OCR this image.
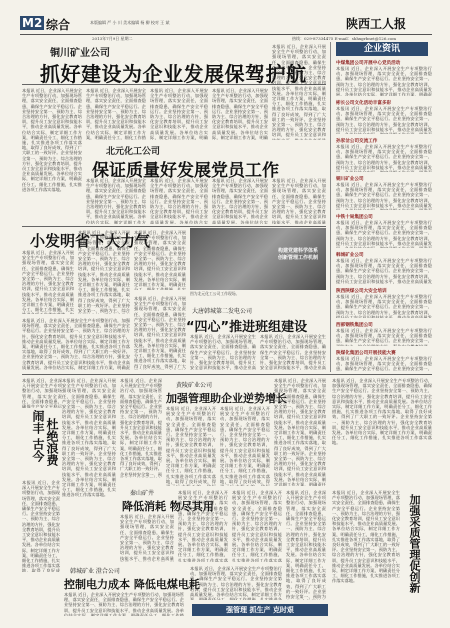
M2 综合	本版编辑 严 小 川 美术编辑 杨 柳 校对 王 斌	陕西工人报
2013年7月9日 星期二	热线：029-87334475 E-mail：shhxgrbnet@126.com
铜川矿业公司
抓好建设为企业发展保驾护航
本报讯 近日，企业深入开展安全生产专项整治行动，加强现场管理，落实安全责任，全面排查隐患，确保生产安全平稳运行。企业坚持安全第一、预防为主、综合治理的方针，强化安全教育培训，提升员工安全意识和技能水平，推动企业高质量发展。各单位结合实际，制定详细工作方案，明确责任分工，细化工作措施，扎实推进各项工作落实落地，取得了良好成效，得到了广大职工的一致好评。企业坚持安全第一、预防为主、综合治理的方针，强化安全教育培训，提升员工安全意识和技能水平，推动企业高质量发展。各单位结合实际，制定详细工作方案，明确责任分工，细化工作措施，扎实推进各项工作落实落地。
本报讯 近日，企业深入开展安全生产专项整治行动，加强现场管理，落实安全责任，全面排查隐患，确保生产安全平稳运行。企业坚持安全第一、预防为主、综合治理的方针，强化安全教育培训，提升员工安全意识和技能水平，推动企业高质量发展。各单位结合实际，制定详细工作方案，明确责任分工，细化工作措施，扎实推进各项工作落实落地，取得了良好成效，得到了广大职工的一致好评。企业坚持安全第一、预防为主、综合治理的方针，强化安全教育培训，提升员工安全意识和技能水平，推动企业高质量发展。各单位结合实际，制定详细工作方案，明确责任分工，细化工作措施，扎实推进各项工作落实落地。
本报讯 近日，企业深入开展安全生产专项整治行动，加强现场管理，落实安全责任，全面排查隐患，确保生产安全平稳运行。企业坚持安全第一、预防为主、综合治理的方针，强化安全教育培训，提升员工安全意识和技能水平，推动企业高质量发展。各单位结合实际，制定详细工作方案，明确责任分工，细化工作措施，扎实推进各项工作落实落地，取得了良好成效，得到了广大职工的一致好评。企业坚持安全第一、预防为主、综合治理的方针，强化安全教育培训，提升员工安全意识和技能水平，推动企业高质量发展。各单位结合实际，制定详细工作方案，明确责任分工，细化工作措施，扎实推进各项工作落实落地。
本报讯 近日，企业深入开展安全生产专项整治行动，加强现场管理，落实安全责任，全面排查隐患，确保生产安全平稳运行。企业坚持安全第一、预防为主、综合治理的方针，强化安全教育培训，提升员工安全意识和技能水平，推动企业高质量发展。各单位结合实际，制定详细工作方案，明确责任分工，细化工作措施，扎实推进各项工作落实落地，取得了良好成效，得到了广大职工的一致好评。企业坚持安全第一、预防为主、综合治理的方针，强化安全教育培训，提升员工安全意识和技能水平，推动企业高质量发展。各单位结合实际，制定详细工作方案，明确责任分工，细化工作措施，扎实推进各项工作落实落地。
本报讯 近日，企业深入开展安全生产专项整治行动，加强现场管理，落实安全责任，全面排查隐患，确保生产安全平稳运行。企业坚持安全第一、预防为主、综合治理的方针，强化安全教育培训，提升员工安全意识和技能水平，推动企业高质量发展。各单位结合实际，制定详细工作方案，明确责任分工，细化工作措施，扎实推进各项工作落实落地，取得了良好成效，得到了广大职工的一致好评。企业坚持安全第一、预防为主、综合治理的方针，强化安全教育培训，提升员工安全意识和技能水平，推动企业高质量发展。各单位结合实际，制定详细工作方案，明确责任分工，细化工作措施，扎实推进各项工作落实落地。
北元化工公司
保证质量好发展党员工作
本报讯 近日，企业深入开展安全生产专项整治行动，加强现场管理，落实安全责任，全面排查隐患，确保生产安全平稳运行。企业坚持安全第一、预防为主、综合治理的方针，强化安全教育培训，提升员工安全意识和技能水平，推动企业高质量发展。各单位结合实际，制定详细工作方案，明确责任分工，细化工作措施，扎实推进各项工作落实落地，取得了良好成效，得到了广大职工的一致好评。企业坚持安全第一、预防为主、综合治理的方针，强化安全教育培训，提升员工安全意识和技能水平，推动企业高质量发展。各单位结合实际，制定详细工作方案，明确责任分工，细化工作措施，扎实推进各项工作落实落地。
本报讯 近日，企业深入开展安全生产专项整治行动，加强现场管理，落实安全责任，全面排查隐患，确保生产安全平稳运行。企业坚持安全第一、预防为主、综合治理的方针，强化安全教育培训，提升员工安全意识和技能水平，推动企业高质量发展。各单位结合实际，制定详细工作方案，明确责任分工，细化工作措施，扎实推进各项工作落实落地，取得了良好成效，得到了广大职工的一致好评。企业坚持安全第一、预防为主、综合治理的方针，强化安全教育培训，提升员工安全意识和技能水平，推动企业高质量发展。各单位结合实际，制定详细工作方案，明确责任分工，细化工作措施，扎实推进各项工作落实落地。
本报讯 近日，企业深入开展安全生产专项整治行动，加强现场管理，落实安全责任，全面排查隐患，确保生产安全平稳运行。企业坚持安全第一、预防为主、综合治理的方针，强化安全教育培训，提升员工安全意识和技能水平，推动企业高质量发展。各单位结合实际，制定详细工作方案，明确责任分工，细化工作措施，扎实推进各项工作落实落地，取得了良好成效，得到了广大职工的一致好评。企业坚持安全第一、预防为主、综合治理的方针，强化安全教育培训，提升员工安全意识和技能水平，推动企业高质量发展。各单位结合实际，制定详细工作方案，明确责任分工，细化工作措施，扎实推进各项工作落实落地。
本报讯 近日，企业深入开展安全生产专项整治行动，加强现场管理，落实安全责任，全面排查隐患，确保生产安全平稳运行。企业坚持安全第一、预防为主、综合治理的方针，强化安全教育培训，提升员工安全意识和技能水平，推动企业高质量发展。各单位结合实际，制定详细工作方案，明确责任分工，细化工作措施，扎实推进各项工作落实落地，取得了良好成效，得到了广大职工的一致好评。企业坚持安全第一、预防为主、综合治理的方针，强化安全教育培训，提升员工安全意识和技能水平，推动企业高质量发展。各单位结合实际，制定详细工作方案，明确责任分工，细化工作措施，扎实推进各项工作落实落地。
小发明省下大力气
本报讯 近日，企业深入开展安全生产专项整治行动，加强现场管理，落实安全责任，全面排查隐患，确保生产安全平稳运行。企业坚持安全第一、预防为主、综合治理的方针，强化安全教育培训，提升员工安全意识和技能水平，推动企业高质量发展。各单位结合实际，制定详细工作方案，明确责任分工，细化工作措施，扎实推进各项工作落实落地，取得了良好成效，得到了广大职工的一致好评。企业坚持安全第一、预防为主、综合治理的方针，强化安全教育培训，提升员工安全意识和技能水平，推动企业高质量发展。各单位结合实际，制定详细工作方案，明确责任分工，细化工作措施，扎实推进各项工作落实落地。
本报讯 近日，企业深入开展安全生产专项整治行动，加强现场管理，落实安全责任，全面排查隐患，确保生产安全平稳运行。企业坚持安全第一、预防为主、综合治理的方针，强化安全教育培训，提升员工安全意识和技能水平，推动企业高质量发展。各单位结合实际，制定详细工作方案，明确责任分工，细化工作措施，扎实推进各项工作落实落地，取得了良好成效，得到了广大职工的一致好评。企业坚持安全第一、预防为主、综合治理的方针，强化安全教育培训，提升员工安全意识和技能水平，推动企业高质量发展。各单位结合实际，制定详细工作方案，明确责任分工，细化工作措施，扎实推进各项工作落实落地。
本报讯 近日，企业深入开展安全生产专项整治行动，加强现场管理，落实安全责任，全面排查隐患，确保生产安全平稳运行。企业坚持安全第一、预防为主、综合治理的方针，强化安全教育培训，提升员工安全意识和技能水平，推动企业高质量发展。各单位结合实际，制定详细工作方案，明确责任分工，细化工作措施，扎实推进各项工作落实落地，取得了良好成效，得到了广大职工的一致好评。企业坚持安全第一、预防为主、综合治理的方针，强化安全教育培训，提升员工安全意识和技能水平，推动企业高质量发展。各单位结合实际，制定详细工作方案，明确责任分工，细化工作措施，扎实推进各项工作落实落地。
构建党建科学体系
创新管理工作机制
图为北元化工公司工作现场。
大唐韩城第二发电公司
“四心”推进班组建设
本报讯 近日，企业深入开展安全生产专项整治行动，加强现场管理，落实安全责任，全面排查隐患，确保生产安全平稳运行。企业坚持安全第一、预防为主、综合治理的方针，强化安全教育培训，提升员工安全意识和技能水平，推动企业高质量发展。各单位结合实际，制定详细工作方案，明确责任分工，细化工作措施，扎实推进各项工作落实落地，取得了良好成效，得到了广大职工的一致好评。企业坚持安全第一、预防为主、综合治理的方针，强化安全教育培训，提升员工安全意识和技能水平，推动企业高质量发展。各单位结合实际，制定详细工作方案，明确责任分工，细化工作措施，扎实推进各项工作落实落地。
本报讯 近日，企业深入开展安全生产专项整治行动，加强现场管理，落实安全责任，全面排查隐患，确保生产安全平稳运行。企业坚持安全第一、预防为主、综合治理的方针，强化安全教育培训，提升员工安全意识和技能水平，推动企业高质量发展。各单位结合实际，制定详细工作方案，明确责任分工，细化工作措施，扎实推进各项工作落实落地，取得了良好成效，得到了广大职工的一致好评。企业坚持安全第一、预防为主、综合治理的方针，强化安全教育培训，提升员工安全意识和技能水平，推动企业高质量发展。各单位结合实际，制定详细工作方案，明确责任分工，细化工作措施，扎实推进各项工作落实落地。
本报讯 近日，企业深入开展安全生产专项整治行动，加强现场管理，落实安全责任，全面排查隐患，确保生产安全平稳运行。企业坚持安全第一、预防为主、综合治理的方针，强化安全教育培训，提升员工安全意识和技能水平，推动企业高质量发展。各单位结合实际，制定详细工作方案，明确责任分工，细化工作措施，扎实推进各项工作落实落地，取得了良好成效，得到了广大职工的一致好评。企业坚持安全第一、预防为主、综合治理的方针，强化安全教育培训，提升员工安全意识和技能水平，推动企业高质量发展。各单位结合实际，制定详细工作方案，明确责任分工，细化工作措施，扎实推进各项工作落实落地。
本报讯 近日，企业深入开展安全生产专项整治行动，加强现场管理，落实安全责任，全面排查隐患，确保生产安全平稳运行。企业坚持安全第一、预防为主、综合治理的方针，强化安全教育培训，提升员工安全意识和技能水平，推动企业高质量发展。各单位结合实际，制定详细工作方案，明确责任分工，细化工作措施，扎实推进各项工作落实落地，取得了良好成效，得到了广大职工的一致好评。企业坚持安全第一、预防为主、综合治理的方针，强化安全教育培训，提升员工安全意识和技能水平，推动企业高质量发展。各单位结合实际，制定详细工作方案，明确责任分工，细化工作措施，扎实推进各项工作落实落地。
闹丰 古今 杜绝浪费
本报讯 近日，企业深入开展安全生产专项整治行动，加强现场管理，落实安全责任，全面排查隐患，确保生产安全平稳运行。企业坚持安全第一、预防为主、综合治理的方针，强化安全教育培训，提升员工安全意识和技能水平，推动企业高质量发展。各单位结合实际，制定详细工作方案，明确责任分工，细化工作措施，扎实推进各项工作落实落地，取得了良好成效，得到了广大职工的一致好评。企业坚持安全第一、预防为主、综合治理的方针，强化安全教育培训，提升员工安全意识和技能水平，推动企业高质量发展。各单位结合实际，制定详细工作方案，明确责任分工，细化工作措施，扎实推进各项工作落实落地。
本报讯 近日，企业深入开展安全生产专项整治行动，加强现场管理，落实安全责任，全面排查隐患，确保生产安全平稳运行。企业坚持安全第一、预防为主、综合治理的方针，强化安全教育培训，提升员工安全意识和技能水平，推动企业高质量发展。各单位结合实际，制定详细工作方案，明确责任分工，细化工作措施，扎实推进各项工作落实落地，取得了良好成效，得到了广大职工的一致好评。企业坚持安全第一、预防为主、综合治理的方针，强化安全教育培训，提升员工安全意识和技能水平，推动企业高质量发展。各单位结合实际，制定详细工作方案，明确责任分工，细化工作措施，扎实推进各项工作落实落地。
本报讯 近日，企业深入开展安全生产专项整治行动，加强现场管理，落实安全责任，全面排查隐患，确保生产安全平稳运行。企业坚持安全第一、预防为主、综合治理的方针，强化安全教育培训，提升员工安全意识和技能水平，推动企业高质量发展。各单位结合实际，制定详细工作方案，明确责任分工，细化工作措施，扎实推进各项工作落实落地，取得了良好成效，得到了广大职工的一致好评。企业坚持安全第一、预防为主、综合治理的方针，强化安全教育培训，提升员工安全意识和技能水平，推动企业高质量发展。各单位结合实际，制定详细工作方案，明确责任分工，细化工作措施，扎实推进各项工作落实落地。
黄陵矿业公司
加强管理助企业逆势增长
本报讯 近日，企业深入开展安全生产专项整治行动，加强现场管理，落实安全责任，全面排查隐患，确保生产安全平稳运行。企业坚持安全第一、预防为主、综合治理的方针，强化安全教育培训，提升员工安全意识和技能水平，推动企业高质量发展。各单位结合实际，制定详细工作方案，明确责任分工，细化工作措施，扎实推进各项工作落实落地，取得了良好成效，得到了广大职工的一致好评。企业坚持安全第一、预防为主、综合治理的方针，强化安全教育培训，提升员工安全意识和技能水平，推动企业高质量发展。各单位结合实际，制定详细工作方案，明确责任分工，细化工作措施，扎实推进各项工作落实落地。
本报讯 近日，企业深入开展安全生产专项整治行动，加强现场管理，落实安全责任，全面排查隐患，确保生产安全平稳运行。企业坚持安全第一、预防为主、综合治理的方针，强化安全教育培训，提升员工安全意识和技能水平，推动企业高质量发展。各单位结合实际，制定详细工作方案，明确责任分工，细化工作措施，扎实推进各项工作落实落地，取得了良好成效，得到了广大职工的一致好评。企业坚持安全第一、预防为主、综合治理的方针，强化安全教育培训，提升员工安全意识和技能水平，推动企业高质量发展。各单位结合实际，制定详细工作方案，明确责任分工，细化工作措施，扎实推进各项工作落实落地。
本报讯 近日，企业深入开展安全生产专项整治行动，加强现场管理，落实安全责任，全面排查隐患，确保生产安全平稳运行。企业坚持安全第一、预防为主、综合治理的方针，强化安全教育培训，提升员工安全意识和技能水平，推动企业高质量发展。各单位结合实际，制定详细工作方案，明确责任分工，细化工作措施，扎实推进各项工作落实落地，取得了良好成效，得到了广大职工的一致好评。企业坚持安全第一、预防为主、综合治理的方针，强化安全教育培训，提升员工安全意识和技能水平，推动企业高质量发展。各单位结合实际，制定详细工作方案，明确责任分工，细化工作措施，扎实推进各项工作落实落地。
本报讯 近日，企业深入开展安全生产专项整治行动，加强现场管理，落实安全责任，全面排查隐患，确保生产安全平稳运行。企业坚持安全第一、预防为主、综合治理的方针，强化安全教育培训，提升员工安全意识和技能水平，推动企业高质量发展。各单位结合实际，制定详细工作方案，明确责任分工，细化工作措施，扎实推进各项工作落实落地，取得了良好成效，得到了广大职工的一致好评。企业坚持安全第一、预防为主、综合治理的方针，强化安全教育培训，提升员工安全意识和技能水平，推动企业高质量发展。各单位结合实际，制定详细工作方案，明确责任分工，细化工作措施，扎实推进各项工作落实落地。
秦山矿井
降低消耗 物尽其用
本报讯 近日，企业深入开展安全生产专项整治行动，加强现场管理，落实安全责任，全面排查隐患，确保生产安全平稳运行。企业坚持安全第一、预防为主、综合治理的方针，强化安全教育培训，提升员工安全意识和技能水平，推动企业高质量发展。各单位结合实际，制定详细工作方案，明确责任分工，细化工作措施，扎实推进各项工作落实落地，取得了良好成效，得到了广大职工的一致好评。企业坚持安全第一、预防为主、综合治理的方针，强化安全教育培训，提升员工安全意识和技能水平，推动企业高质量发展。各单位结合实际，制定详细工作方案，明确责任分工，细化工作措施，扎实推进各项工作落实落地。
本报讯 近日，企业深入开展安全生产专项整治行动，加强现场管理，落实安全责任，全面排查隐患，确保生产安全平稳运行。企业坚持安全第一、预防为主、综合治理的方针，强化安全教育培训，提升员工安全意识和技能水平，推动企业高质量发展。各单位结合实际，制定详细工作方案，明确责任分工，细化工作措施，扎实推进各项工作落实落地，取得了良好成效，得到了广大职工的一致好评。企业坚持安全第一、预防为主、综合治理的方针，强化安全教育培训，提升员工安全意识和技能水平，推动企业高质量发展。各单位结合实际，制定详细工作方案，明确责任分工，细化工作措施，扎实推进各项工作落实落地。
本报讯 近日，企业深入开展安全生产专项整治行动，加强现场管理，落实安全责任，全面排查隐患，确保生产安全平稳运行。企业坚持安全第一、预防为主、综合治理的方针，强化安全教育培训，提升员工安全意识和技能水平，推动企业高质量发展。各单位结合实际，制定详细工作方案，明确责任分工，细化工作措施，扎实推进各项工作落实落地，取得了良好成效，得到了广大职工的一致好评。企业坚持安全第一、预防为主、综合治理的方针，强化安全教育培训，提升员工安全意识和技能水平，推动企业高质量发展。各单位结合实际，制定详细工作方案，明确责任分工，细化工作措施，扎实推进各项工作落实落地。
韩城矿业 澄合公司
控制电力成本 降低电煤电耗
本报讯 近日，企业深入开展安全生产专项整治行动，加强现场管理，落实安全责任，全面排查隐患，确保生产安全平稳运行。企业坚持安全第一、预防为主、综合治理的方针，强化安全教育培训，提升员工安全意识和技能水平，推动企业高质量发展。各单位结合实际，制定详细工作方案，明确责任分工，细化工作措施，扎实推进各项工作落实落地，取得了良好成效，得到了广大职工的一致好评。企业坚持安全第一、预防为主、综合治理的方针，强化安全教育培训，提升员工安全意识和技能水平，推动企业高质量发展。各单位结合实际，制定详细工作方案，明确责任分工，细化工作措施，扎实推进各项工作落实落地。
本报讯 近日，企业深入开展安全生产专项整治行动，加强现场管理，落实安全责任，全面排查隐患，确保生产安全平稳运行。企业坚持安全第一、预防为主、综合治理的方针，强化安全教育培训，提升员工安全意识和技能水平，推动企业高质量发展。各单位结合实际，制定详细工作方案，明确责任分工，细化工作措施，扎实推进各项工作落实落地，取得了良好成效，得到了广大职工的一致好评。企业坚持安全第一、预防为主、综合治理的方针，强化安全教育培训，提升员工安全意识和技能水平，推动企业高质量发展。各单位结合实际，制定详细工作方案，明确责任分工，细化工作措施，扎实推进各项工作落实落地。
强管理 抓生产 克时艰
加强采质管理促创新
本报讯 近日，企业深入开展安全生产专项整治行动，加强现场管理，落实安全责任，全面排查隐患，确保生产安全平稳运行。企业坚持安全第一、预防为主、综合治理的方针，强化安全教育培训，提升员工安全意识和技能水平，推动企业高质量发展。各单位结合实际，制定详细工作方案，明确责任分工，细化工作措施，扎实推进各项工作落实落地，取得了良好成效，得到了广大职工的一致好评。企业坚持安全第一、预防为主、综合治理的方针，强化安全教育培训，提升员工安全意识和技能水平，推动企业高质量发展。各单位结合实际，制定详细工作方案，明确责任分工，细化工作措施，扎实推进各项工作落实落地。
本报讯 近日，企业深入开展安全生产专项整治行动，加强现场管理，落实安全责任，全面排查隐患，确保生产安全平稳运行。企业坚持安全第一、预防为主、综合治理的方针，强化安全教育培训，提升员工安全意识和技能水平，推动企业高质量发展。各单位结合实际，制定详细工作方案，明确责任分工，细化工作措施，扎实推进各项工作落实落地，取得了良好成效，得到了广大职工的一致好评。企业坚持安全第一、预防为主、综合治理的方针，强化安全教育培训，提升员工安全意识和技能水平，推动企业高质量发展。各单位结合实际，制定详细工作方案，明确责任分工，细化工作措施，扎实推进各项工作落实落地。
本报讯 近日，企业深入开展安全生产专项整治行动，加强现场管理，落实安全责任，全面排查隐患，确保生产安全平稳运行。企业坚持安全第一、预防为主、综合治理的方针，强化安全教育培训，提升员工安全意识和技能水平，推动企业高质量发展。各单位结合实际，制定详细工作方案，明确责任分工，细化工作措施，扎实推进各项工作落实落地，取得了良好成效，得到了广大职工的一致好评。企业坚持安全第一、预防为主、综合治理的方针，强化安全教育培训，提升员工安全意识和技能水平，推动企业高质量发展。各单位结合实际，制定详细工作方案，明确责任分工，细化工作措施，扎实推进各项工作落实落地。
企业资讯
中煤集团公司开展中心党员活动
本报讯 近日，企业深入开展安全生产专项整治行动，加强现场管理，落实安全责任，全面排查隐患，确保生产安全平稳运行。企业坚持安全第一、预防为主、综合治理的方针，强化安全教育培训，提升员工安全意识和技能水平，推动企业高质量发展。各单位结合实际，制定详细工作方案，明确责任分工，细化工作措施，扎实推进各项工作落实落地，取得了良好成效，得到了广大职工的一致好评。企业坚持安全第一、预防为主、综合治理的方针，强化安全教育培训，提升员工安全意识和技能水平，推动企业高质量发展。各单位结合实际，制定详细工作方案，明确责任分工，细化工作措施，扎实推进各项工作落实落地。
彬长公司文化活动丰富多彩
本报讯 近日，企业深入开展安全生产专项整治行动，加强现场管理，落实安全责任，全面排查隐患，确保生产安全平稳运行。企业坚持安全第一、预防为主、综合治理的方针，强化安全教育培训，提升员工安全意识和技能水平，推动企业高质量发展。各单位结合实际，制定详细工作方案，明确责任分工，细化工作措施，扎实推进各项工作落实落地，取得了良好成效，得到了广大职工的一致好评。企业坚持安全第一、预防为主、综合治理的方针，强化安全教育培训，提升员工安全意识和技能水平，推动企业高质量发展。各单位结合实际，制定详细工作方案，明确责任分工，细化工作措施，扎实推进各项工作落实落地。
孙家岔公司交流工作
本报讯 近日，企业深入开展安全生产专项整治行动，加强现场管理，落实安全责任，全面排查隐患，确保生产安全平稳运行。企业坚持安全第一、预防为主、综合治理的方针，强化安全教育培训，提升员工安全意识和技能水平，推动企业高质量发展。各单位结合实际，制定详细工作方案，明确责任分工，细化工作措施，扎实推进各项工作落实落地，取得了良好成效，得到了广大职工的一致好评。企业坚持安全第一、预防为主、综合治理的方针，强化安全教育培训，提升员工安全意识和技能水平，推动企业高质量发展。各单位结合实际，制定详细工作方案，明确责任分工，细化工作措施，扎实推进各项工作落实落地。
铜川矿业公司
本报讯 近日，企业深入开展安全生产专项整治行动，加强现场管理，落实安全责任，全面排查隐患，确保生产安全平稳运行。企业坚持安全第一、预防为主、综合治理的方针，强化安全教育培训，提升员工安全意识和技能水平，推动企业高质量发展。各单位结合实际，制定详细工作方案，明确责任分工，细化工作措施，扎实推进各项工作落实落地，取得了良好成效，得到了广大职工的一致好评。企业坚持安全第一、预防为主、综合治理的方针，强化安全教育培训，提升员工安全意识和技能水平，推动企业高质量发展。各单位结合实际，制定详细工作方案，明确责任分工，细化工作措施，扎实推进各项工作落实落地。
中铁十局集团公司
本报讯 近日，企业深入开展安全生产专项整治行动，加强现场管理，落实安全责任，全面排查隐患，确保生产安全平稳运行。企业坚持安全第一、预防为主、综合治理的方针，强化安全教育培训，提升员工安全意识和技能水平，推动企业高质量发展。各单位结合实际，制定详细工作方案，明确责任分工，细化工作措施，扎实推进各项工作落实落地，取得了良好成效，得到了广大职工的一致好评。企业坚持安全第一、预防为主、综合治理的方针，强化安全教育培训，提升员工安全意识和技能水平，推动企业高质量发展。各单位结合实际，制定详细工作方案，明确责任分工，细化工作措施，扎实推进各项工作落实落地。
韩城矿业公司
本报讯 近日，企业深入开展安全生产专项整治行动，加强现场管理，落实安全责任，全面排查隐患，确保生产安全平稳运行。企业坚持安全第一、预防为主、综合治理的方针，强化安全教育培训，提升员工安全意识和技能水平，推动企业高质量发展。各单位结合实际，制定详细工作方案，明确责任分工，细化工作措施，扎实推进各项工作落实落地，取得了良好成效，得到了广大职工的一致好评。企业坚持安全第一、预防为主、综合治理的方针，强化安全教育培训，提升员工安全意识和技能水平，推动企业高质量发展。各单位结合实际，制定详细工作方案，明确责任分工，细化工作措施，扎实推进各项工作落实落地。
陕西陕煤公司大安全培训
本报讯 近日，企业深入开展安全生产专项整治行动，加强现场管理，落实安全责任，全面排查隐患，确保生产安全平稳运行。企业坚持安全第一、预防为主、综合治理的方针，强化安全教育培训，提升员工安全意识和技能水平，推动企业高质量发展。各单位结合实际，制定详细工作方案，明确责任分工，细化工作措施，扎实推进各项工作落实落地，取得了良好成效，得到了广大职工的一致好评。企业坚持安全第一、预防为主、综合治理的方针，强化安全教育培训，提升员工安全意识和技能水平，推动企业高质量发展。各单位结合实际，制定详细工作方案，明确责任分工，细化工作措施，扎实推进各项工作落实落地。
西部钢铁集团公司
本报讯 近日，企业深入开展安全生产专项整治行动，加强现场管理，落实安全责任，全面排查隐患，确保生产安全平稳运行。企业坚持安全第一、预防为主、综合治理的方针，强化安全教育培训，提升员工安全意识和技能水平，推动企业高质量发展。各单位结合实际，制定详细工作方案，明确责任分工，细化工作措施，扎实推进各项工作落实落地，取得了良好成效，得到了广大职工的一致好评。企业坚持安全第一、预防为主、综合治理的方针，强化安全教育培训，提升员工安全意识和技能水平，推动企业高质量发展。各单位结合实际，制定详细工作方案，明确责任分工，细化工作措施，扎实推进各项工作落实落地。
陕煤化集团公司开展技能大赛
本报讯 近日，企业深入开展安全生产专项整治行动，加强现场管理，落实安全责任，全面排查隐患，确保生产安全平稳运行。企业坚持安全第一、预防为主、综合治理的方针，强化安全教育培训，提升员工安全意识和技能水平，推动企业高质量发展。各单位结合实际，制定详细工作方案，明确责任分工，细化工作措施，扎实推进各项工作落实落地，取得了良好成效，得到了广大职工的一致好评。企业坚持安全第一、预防为主、综合治理的方针，强化安全教育培训，提升员工安全意识和技能水平，推动企业高质量发展。各单位结合实际，制定详细工作方案，明确责任分工，细化工作措施，扎实推进各项工作落实落地。
